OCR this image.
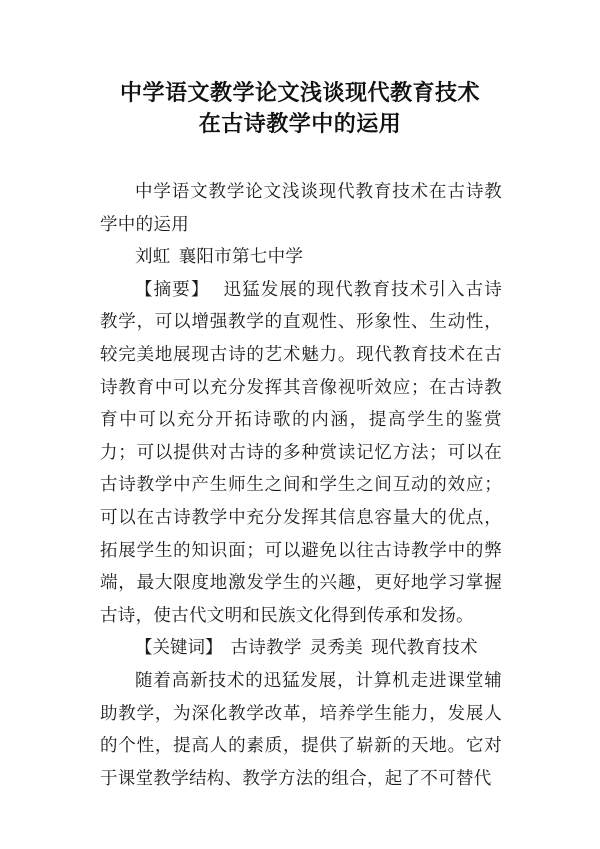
中学语文教学论文浅谈现代教育技术
在古诗教学中的运用

中学语文教学论文浅谈现代教育技术在古诗教学中的运用

刘虹 襄阳市第七中学

【摘要】 迅猛发展的现代教育技术引入古诗教学，可以增强教学的直观性、形象性、生动性，较完美地展现古诗的艺术魅力。现代教育技术在古诗教育中可以充分发挥其音像视听效应；在古诗教育中可以充分开拓诗歌的内涵，提高学生的鉴赏力；可以提供对古诗的多种赏读记忆方法；可以在古诗教学中产生师生之间和学生之间互动的效应；可以在古诗教学中充分发挥其信息容量大的优点，拓展学生的知识面；可以避免以往古诗教学中的弊端，最大限度地激发学生的兴趣，更好地学习掌握古诗，使古代文明和民族文化得到传承和发扬。

【关键词】 古诗教学 灵秀美 现代教育技术

随着高新技术的迅猛发展，计算机走进课堂辅助教学，为深化教学改革，培养学生能力，发展人的个性，提高人的素质，提供了崭新的天地。它对于课堂教学结构、教学方法的组合，起了不可替代
